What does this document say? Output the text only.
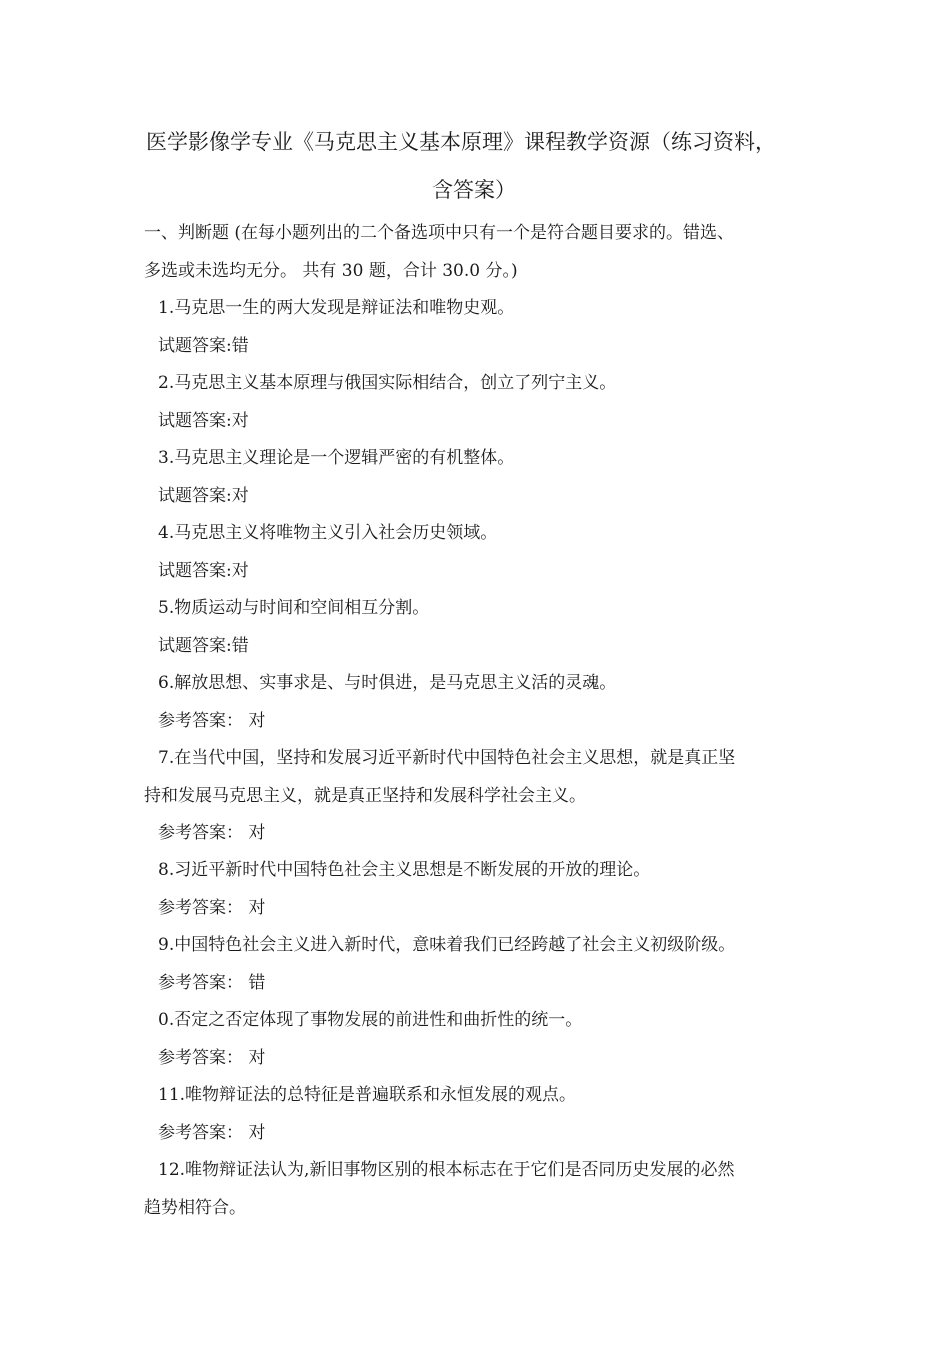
医学影像学专业《马克思主义基本原理》课程教学资源（练习资料，
含答案）
一、判断题 (在每小题列出的二个备选项中只有一个是符合题目要求的。错选、
多选或未选均无分。 共有 30 题，合计 30.0 分。)
1.马克思一生的两大发现是辩证法和唯物史观。
试题答案:错
2.马克思主义基本原理与俄国实际相结合，创立了列宁主义。
试题答案:对
3.马克思主义理论是一个逻辑严密的有机整体。
试题答案:对
4.马克思主义将唯物主义引入社会历史领域。
试题答案:对
5.物质运动与时间和空间相互分割。
试题答案:错
6.解放思想、实事求是、与时俱进，是马克思主义活的灵魂。
参考答案： 对
7.在当代中国，坚持和发展习近平新时代中国特色社会主义思想，就是真正坚
持和发展马克思主义，就是真正坚持和发展科学社会主义。
参考答案： 对
8.习近平新时代中国特色社会主义思想是不断发展的开放的理论。
参考答案： 对
9.中国特色社会主义进入新时代，意味着我们已经跨越了社会主义初级阶级。
参考答案： 错
0.否定之否定体现了事物发展的前进性和曲折性的统一。
参考答案： 对
11.唯物辩证法的总特征是普遍联系和永恒发展的观点。
参考答案： 对
12.唯物辩证法认为,新旧事物区别的根本标志在于它们是否同历史发展的必然
趋势相符合。
